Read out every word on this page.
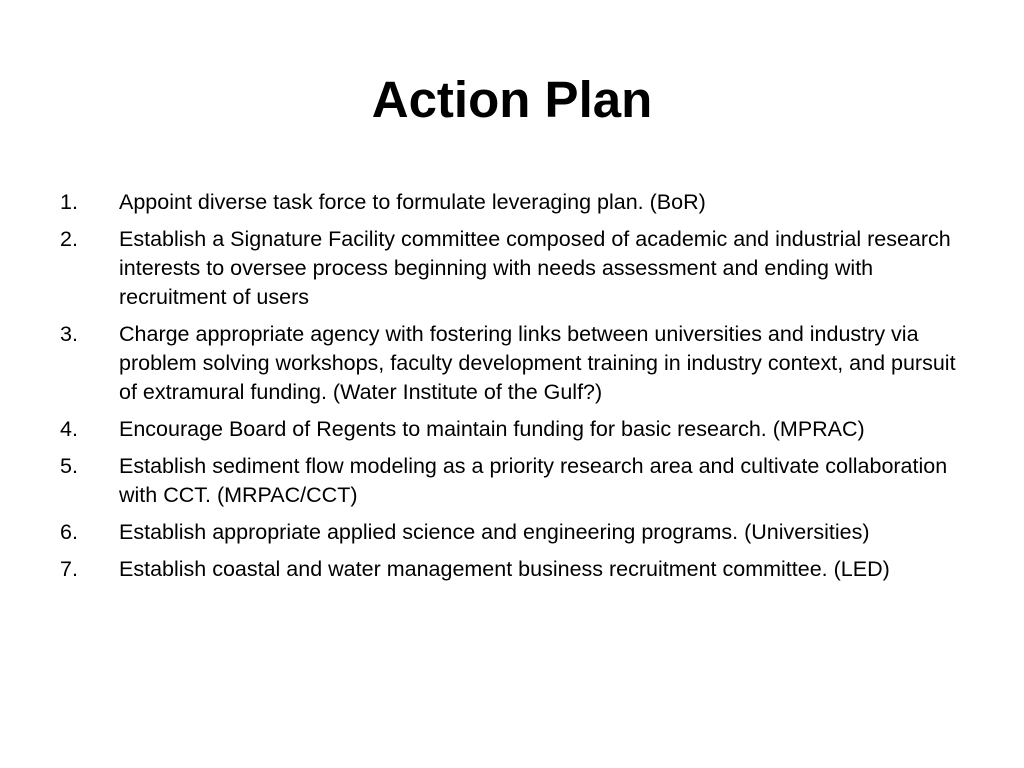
Action Plan
1.	Appoint diverse task force to formulate leveraging plan. (BoR)
2.	Establish a Signature Facility committee composed of academic and industrial research interests to oversee process beginning with needs assessment and ending with recruitment of users
3.	Charge appropriate agency with fostering links between universities and industry via problem solving workshops, faculty development training in industry context, and pursuit of extramural funding. (Water Institute of the Gulf?)
4.	Encourage Board of Regents to maintain funding for basic research. (MPRAC)
5.	Establish sediment flow modeling as a priority research area and cultivate collaboration with CCT. (MRPAC/CCT)
6.	Establish appropriate applied science and engineering programs. (Universities)
7.	Establish coastal and water management business recruitment committee. (LED)
